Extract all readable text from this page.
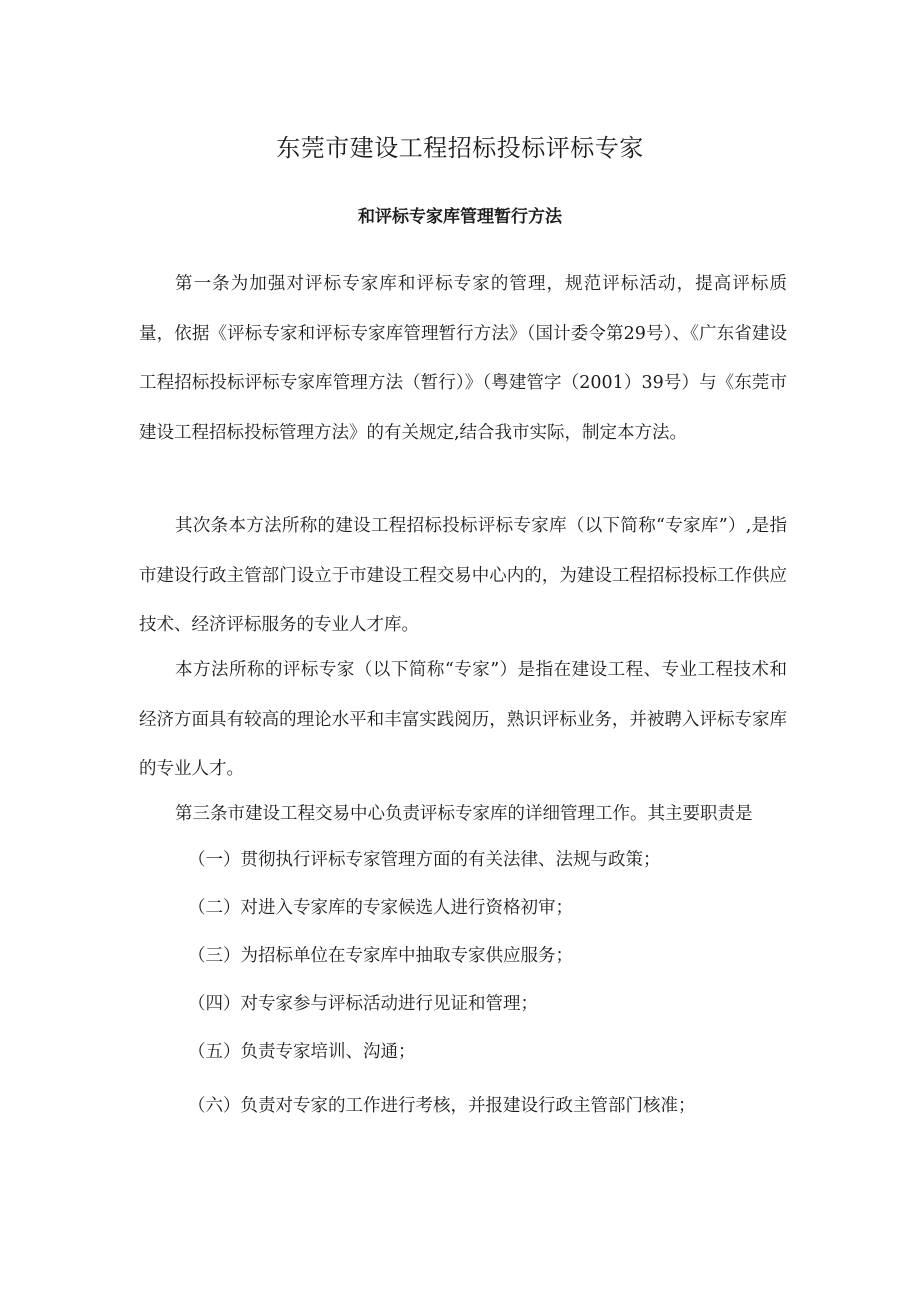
东莞市建设工程招标投标评标专家
和评标专家库管理暂行方法

第一条为加强对评标专家库和评标专家的管理，规范评标活动，提高评标质量，依据《评标专家和评标专家库管理暂行方法》（国计委令第29号）、《广东省建设工程招标投标评标专家库管理方法（暂行）》（粤建管字（2001）39号）与《东莞市建设工程招标投标管理方法》的有关规定,结合我市实际，制定本方法。

其次条本方法所称的建设工程招标投标评标专家库（以下简称“专家库”）,是指市建设行政主管部门设立于市建设工程交易中心内的，为建设工程招标投标工作供应技术、经济评标服务的专业人才库。

本方法所称的评标专家（以下简称“专家”）是指在建设工程、专业工程技术和经济方面具有较高的理论水平和丰富实践阅历，熟识评标业务，并被聘入评标专家库的专业人才。

第三条市建设工程交易中心负责评标专家库的详细管理工作。其主要职责是

（一）贯彻执行评标专家管理方面的有关法律、法规与政策；

（二）对进入专家库的专家候选人进行资格初审；

（三）为招标单位在专家库中抽取专家供应服务；

（四）对专家参与评标活动进行见证和管理；

（五）负责专家培训、沟通；

（六）负责对专家的工作进行考核，并报建设行政主管部门核准；
